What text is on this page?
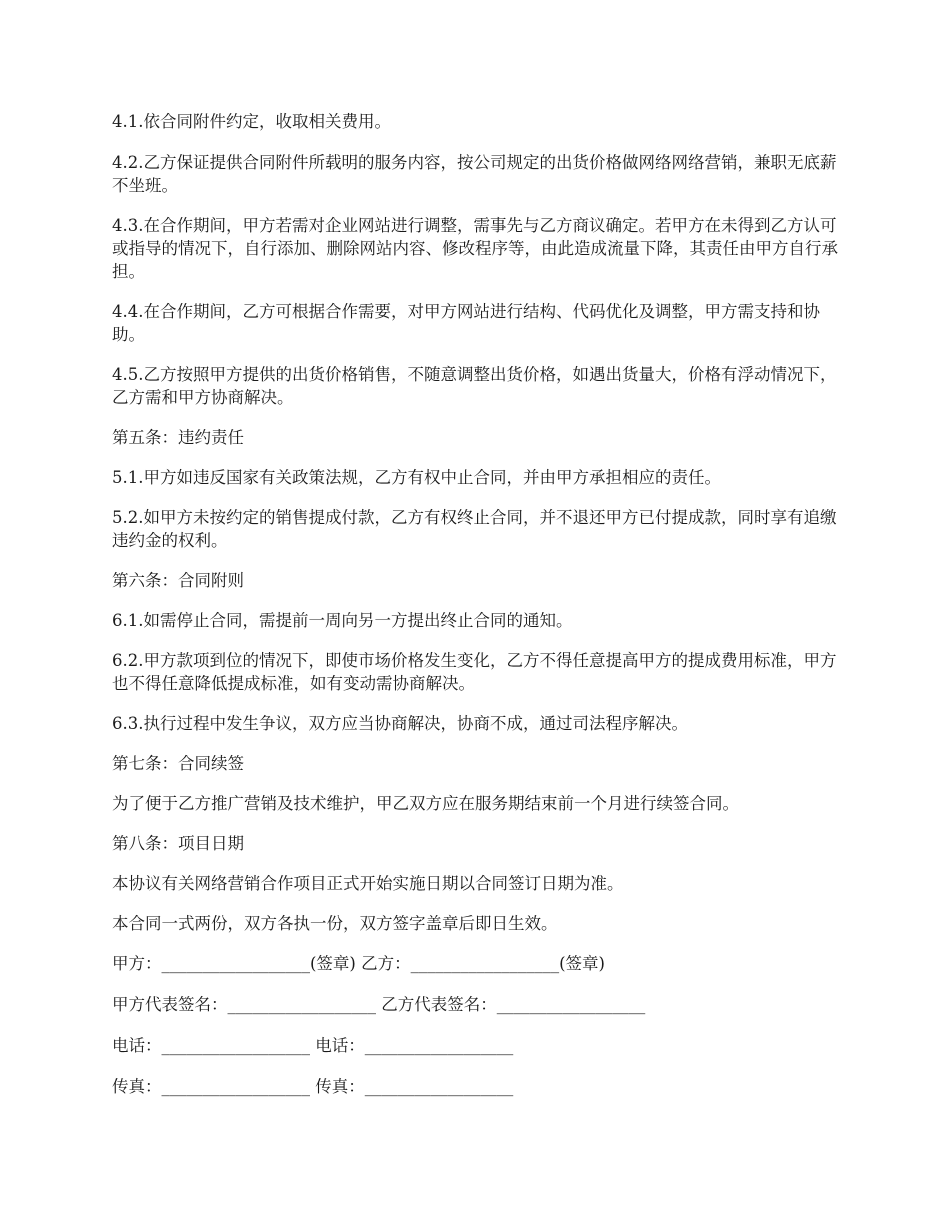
4.1.依合同附件约定，收取相关费用。

4.2.乙方保证提供合同附件所载明的服务内容，按公司规定的出货价格做网络网络营销，兼职无底薪不坐班。

4.3.在合作期间，甲方若需对企业网站进行调整，需事先与乙方商议确定。若甲方在未得到乙方认可或指导的情况下，自行添加、删除网站内容、修改程序等，由此造成流量下降，其责任由甲方自行承担。

4.4.在合作期间，乙方可根据合作需要，对甲方网站进行结构、代码优化及调整，甲方需支持和协助。

4.5.乙方按照甲方提供的出货价格销售，不随意调整出货价格，如遇出货量大，价格有浮动情况下，乙方需和甲方协商解决。

第五条：违约责任

5.1.甲方如违反国家有关政策法规，乙方有权中止合同，并由甲方承担相应的责任。

5.2.如甲方未按约定的销售提成付款，乙方有权终止合同，并不退还甲方已付提成款，同时享有追缴违约金的权利。

第六条：合同附则

6.1.如需停止合同，需提前一周向另一方提出终止合同的通知。

6.2.甲方款项到位的情况下，即使市场价格发生变化，乙方不得任意提高甲方的提成费用标准，甲方也不得任意降低提成标准，如有变动需协商解决。

6.3.执行过程中发生争议，双方应当协商解决，协商不成，通过司法程序解决。

第七条：合同续签

为了便于乙方推广营销及技术维护，甲乙双方应在服务期结束前一个月进行续签合同。

第八条：项目日期

本协议有关网络营销合作项目正式开始实施日期以合同签订日期为准。

本合同一式两份，双方各执一份，双方签字盖章后即日生效。

甲方：__________________(签章) 乙方：__________________(签章)

甲方代表签名：__________________ 乙方代表签名：__________________

电话：__________________ 电话：__________________

传真：__________________ 传真：__________________
